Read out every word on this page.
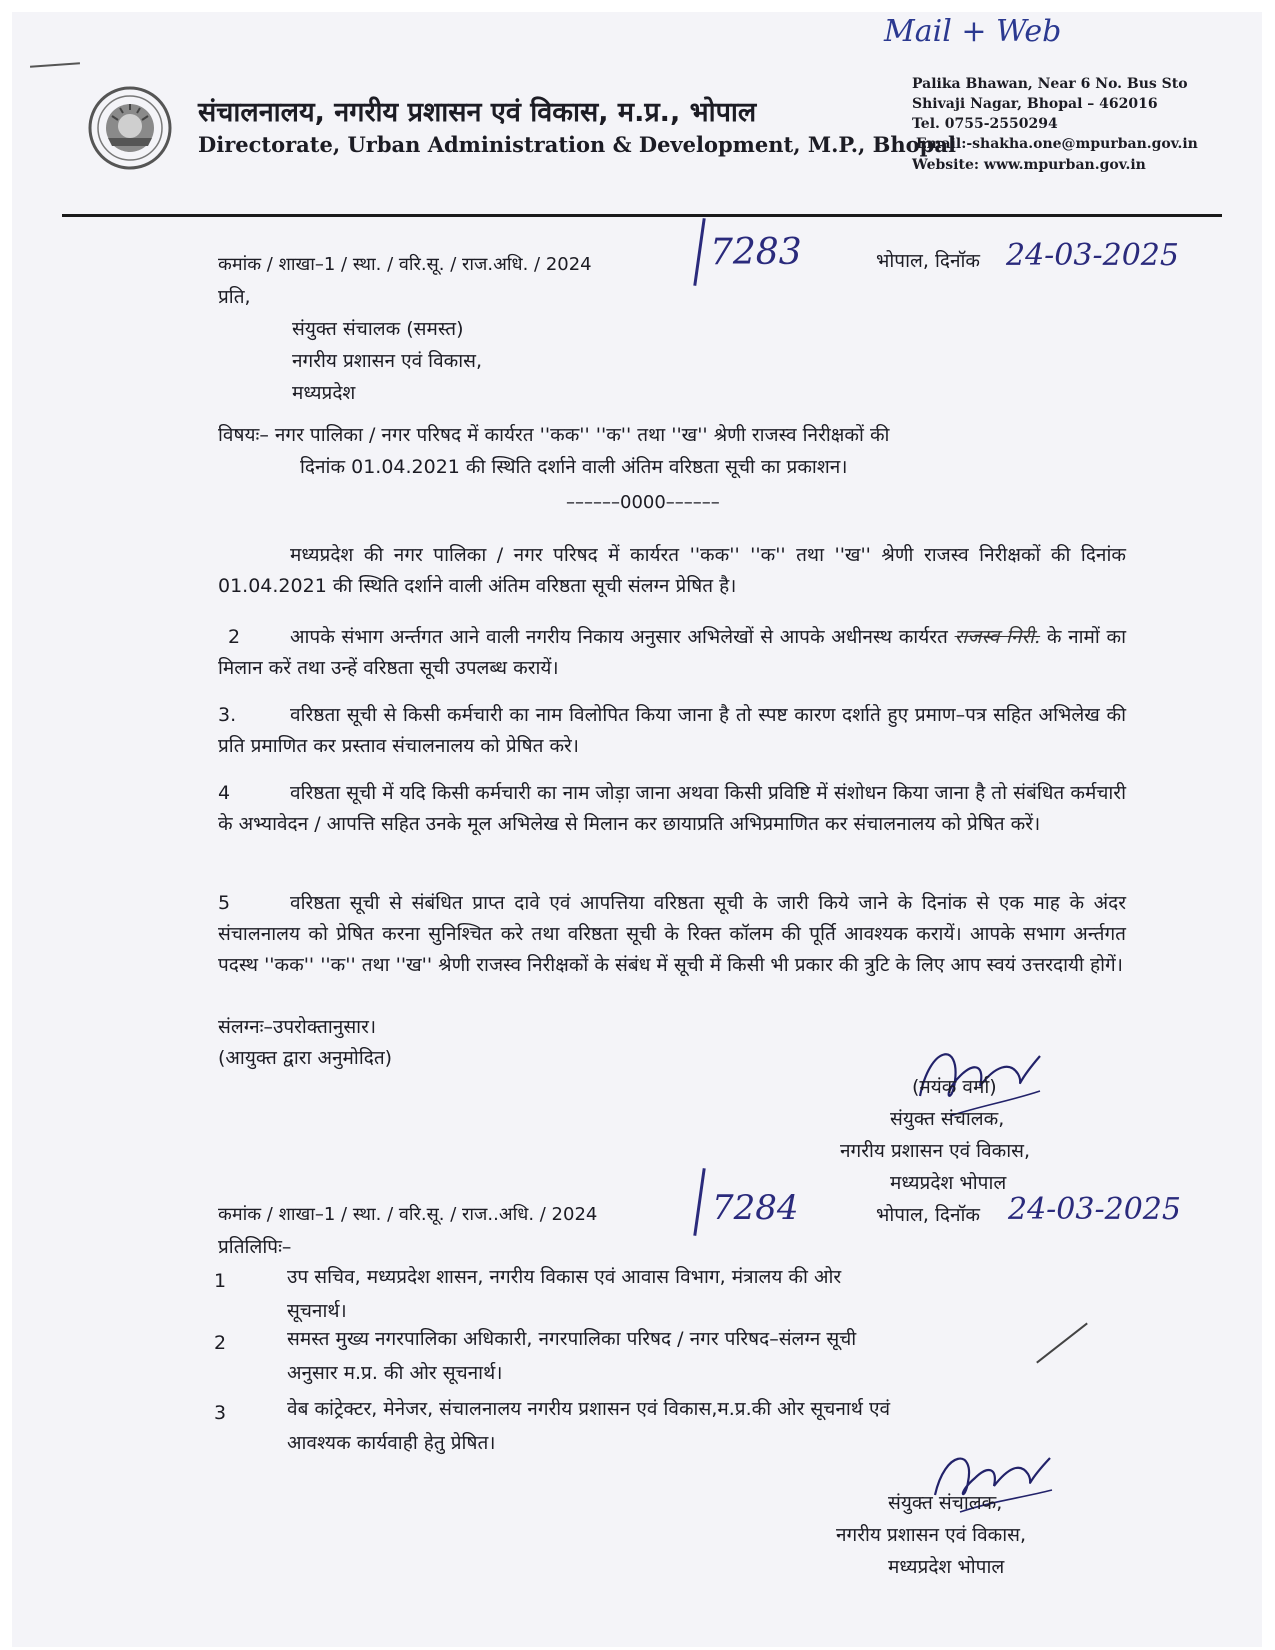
Mail + Web
संचालनालय, नगरीय प्रशासन एवं विकास, म.प्र., भोपाल
Directorate, Urban Administration & Development, M.P., Bhopal
Palika Bhawan, Near 6 No. Bus Sto
Shivaji Nagar, Bhopal – 462016
Tel. 0755-2550294
Email:-shakha.one@mpurban.gov.in
Website: www.mpurban.gov.in
कमांक / शाखा–1 / स्था. / वरि.सू. / राज.अधि. / 2024	7283	भोपाल, दिनॉक 24-03-2025
प्रति,
संयुक्त संचालक (समस्त)
नगरीय प्रशासन एवं विकास,
मध्यप्रदेश
विषयः– नगर पालिका / नगर परिषद में कार्यरत ''कक'' ''क'' तथा ''ख'' श्रेणी राजस्व निरीक्षकों की
दिनांक 01.04.2021 की स्थिति दर्शाने वाली अंतिम वरिष्ठता सूची का प्रकाशन।
––––––0000––––––
मध्यप्रदेश की नगर पालिका / नगर परिषद में कार्यरत ''कक'' ''क'' तथा ''ख'' श्रेणी राजस्व निरीक्षकों की दिनांक 01.04.2021 की स्थिति दर्शाने वाली अंतिम वरिष्ठता सूची संलग्न प्रेषित है।
2	आपके संभाग अर्न्तगत आने वाली नगरीय निकाय अनुसार अभिलेखों से आपके अधीनस्थ कार्यरत राजस्व निरी. के नामों का मिलान करें तथा उन्हें वरिष्ठता सूची उपलब्ध करायें।
3.	वरिष्ठता सूची से किसी कर्मचारी का नाम विलोपित किया जाना है तो स्पष्ट कारण दर्शाते हुए प्रमाण–पत्र सहित अभिलेख की प्रति प्रमाणित कर प्रस्ताव संचालनालय को प्रेषित करे।
4	वरिष्ठता सूची में यदि किसी कर्मचारी का नाम जोड़ा जाना अथवा किसी प्रविष्टि में संशोधन किया जाना है तो संबंधित कर्मचारी के अभ्यावेदन / आपत्ति सहित उनके मूल अभिलेख से मिलान कर छायाप्रति अभिप्रमाणित कर संचालनालय को प्रेषित करें।
5	वरिष्ठता सूची से संबंधित प्राप्त दावे एवं आपत्तिया वरिष्ठता सूची के जारी किये जाने के दिनांक से एक माह के अंदर संचालनालय को प्रेषित करना सुनिश्चित करे तथा वरिष्ठता सूची के रिक्त कॉलम की पूर्ति आवश्यक करायें। आपके सभाग अर्न्तगत पदस्थ ''कक'' ''क'' तथा ''ख'' श्रेणी राजस्व निरीक्षकों के संबंध में सूची में किसी भी प्रकार की त्रुटि के लिए आप स्वयं उत्तरदायी होगें।
संलग्नः–उपरोक्तानुसार।
(आयुक्त द्वारा अनुमोदित)
(मयंक वर्मा)
संयुक्त संचालक,
नगरीय प्रशासन एवं विकास,
मध्यप्रदेश भोपाल
कमांक / शाखा–1 / स्था. / वरि.सू. / राज..अधि. / 2024	7284	भोपाल, दिनॉक 24-03-2025
प्रतिलिपिः–
1	उप सचिव, मध्यप्रदेश शासन, नगरीय विकास एवं आवास विभाग, मंत्रालय की ओर
सूचनार्थ।
2	समस्त मुख्य नगरपालिका अधिकारी, नगरपालिका परिषद / नगर परिषद–संलग्न सूची
अनुसार म.प्र. की ओर सूचनार्थ।
3	वेब कांट्रेक्टर, मेनेजर, संचालनालय नगरीय प्रशासन एवं विकास,म.प्र.की ओर सूचनार्थ एवं
आवश्यक कार्यवाही हेतु प्रेषित।
संयुक्त संचालक,
नगरीय प्रशासन एवं विकास,
मध्यप्रदेश भोपाल
